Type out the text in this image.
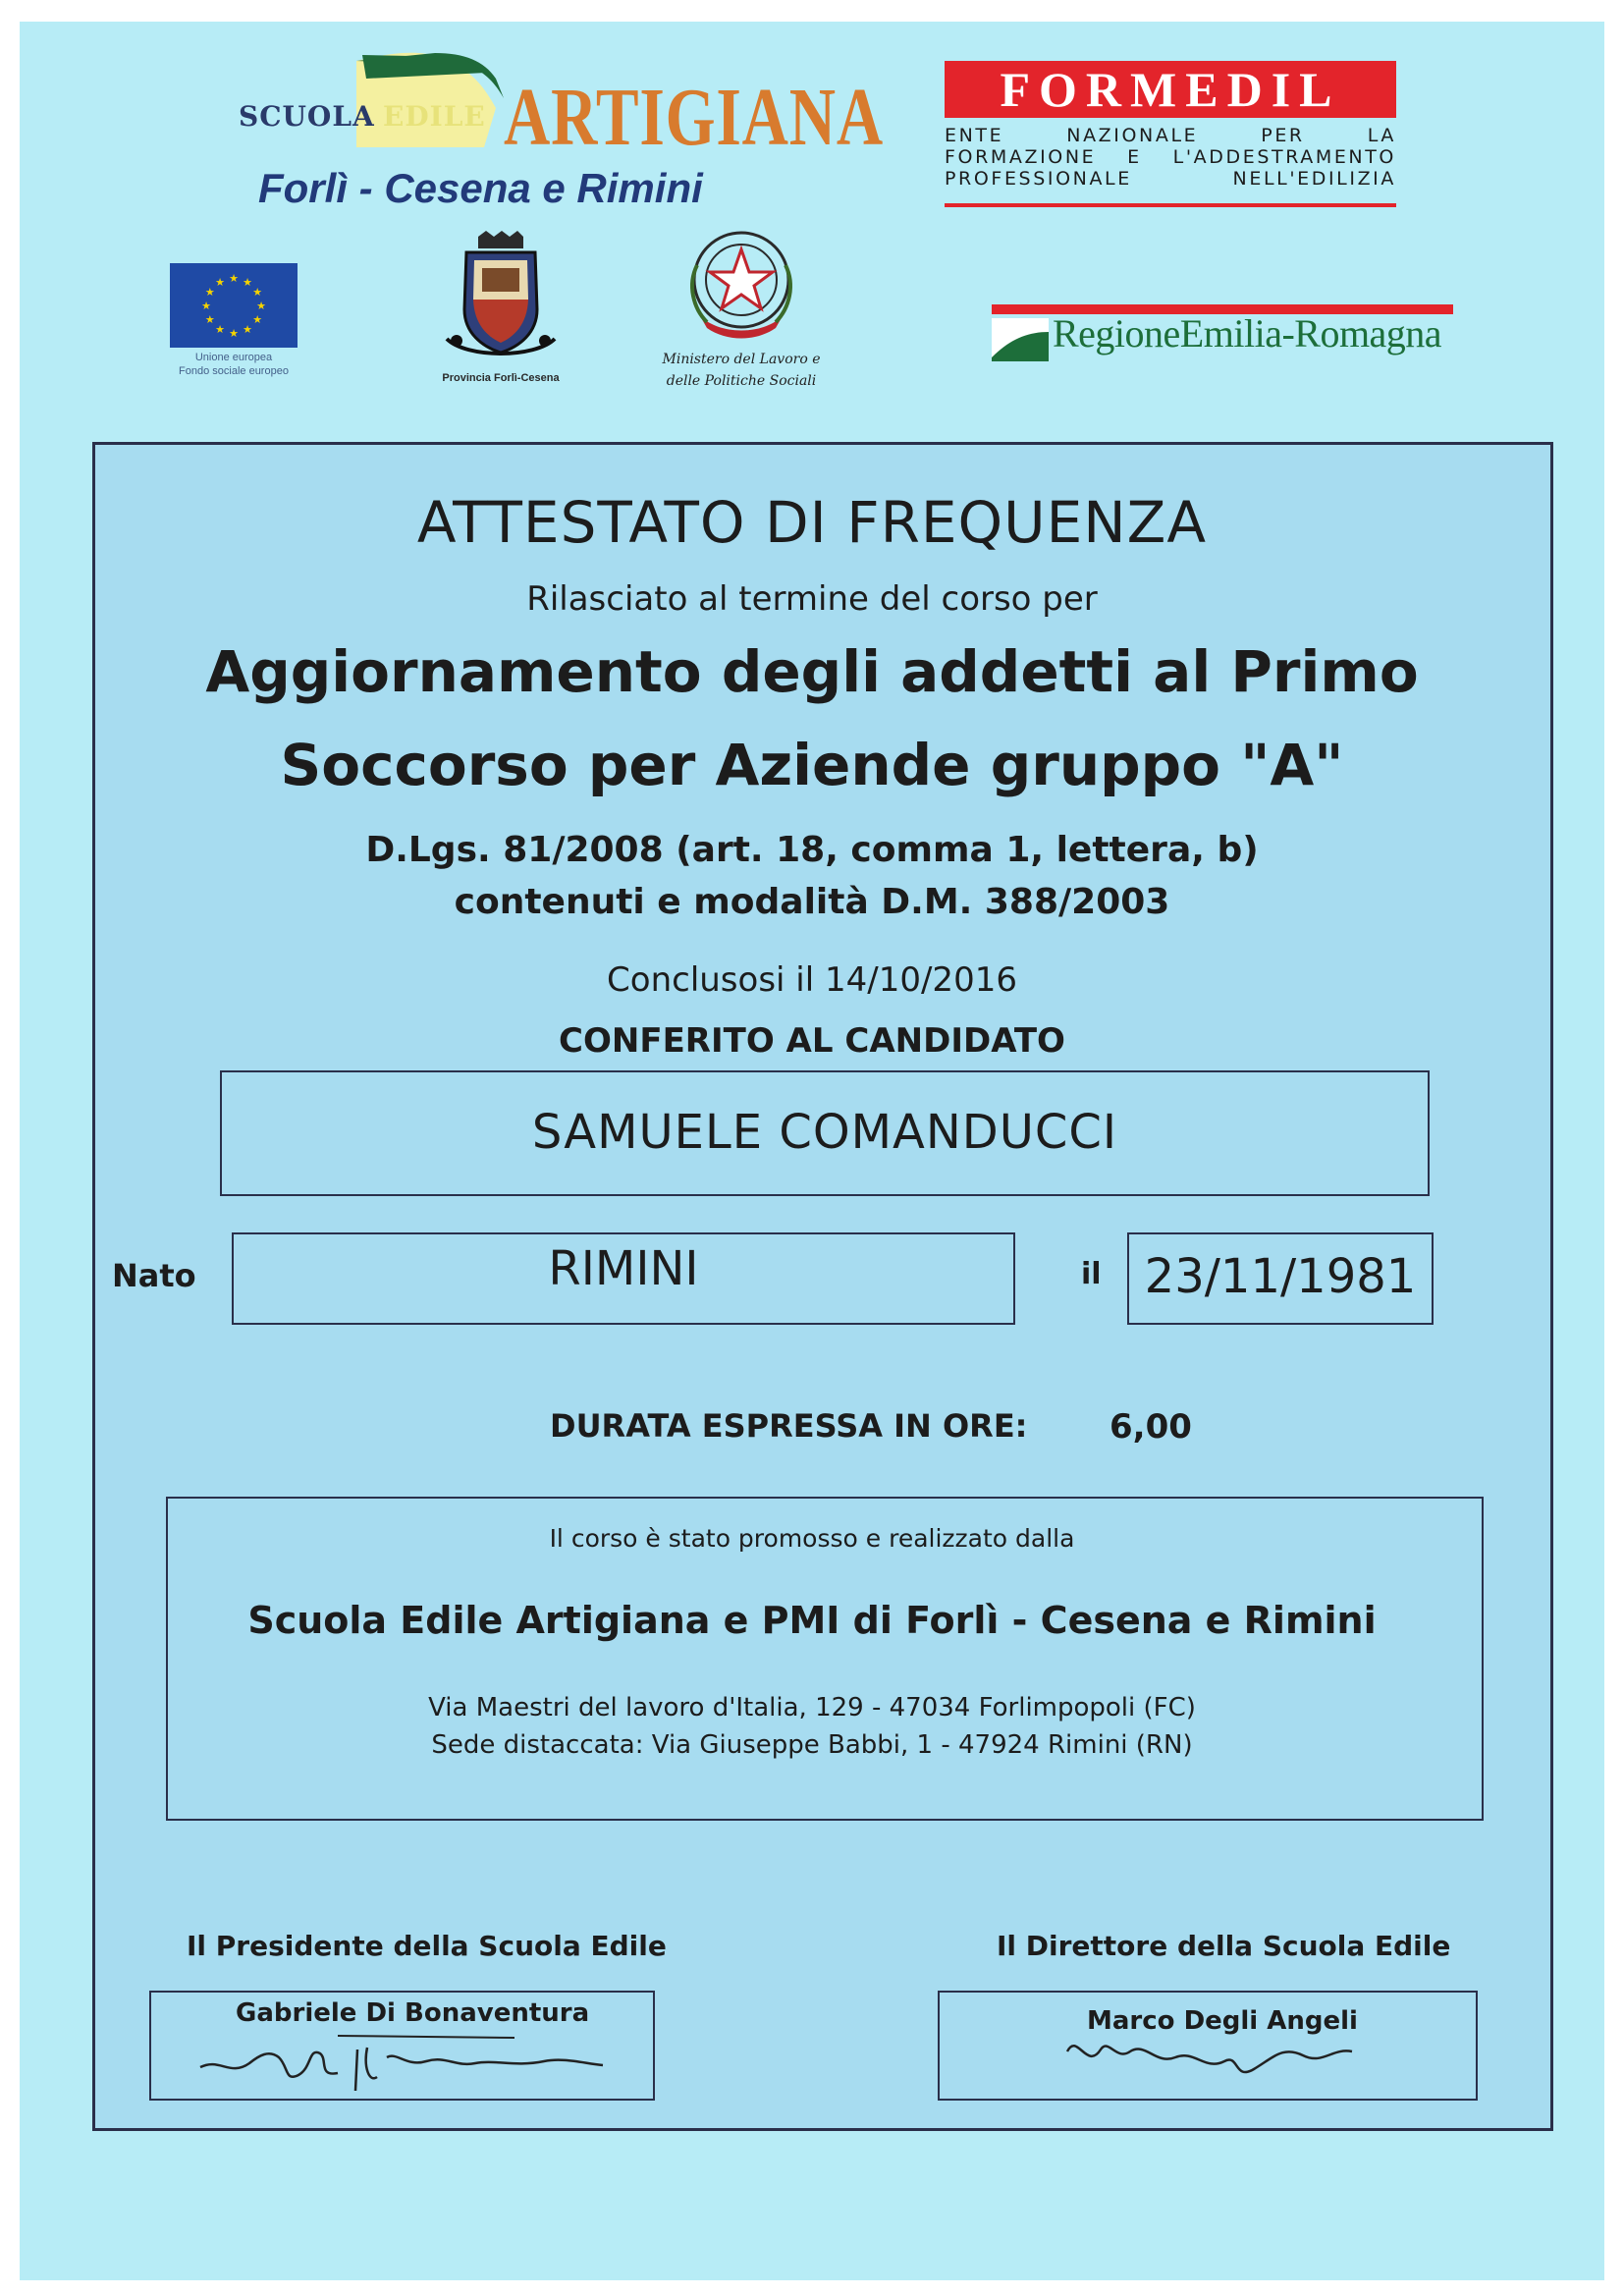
SCUOLA EDILE ARTIGIANA
Forlì - Cesena e Rimini
FORMEDIL
ENTE NAZIONALE PER LA
FORMAZIONE E L'ADDESTRAMENTO
PROFESSIONALE NELL'EDILIZIA
★
★
★
★
★
★
★
★
★ ★ ★
★
Unione europea
Fondo sociale europeo
Provincia Forlì-Cesena
Ministero del Lavoro e
delle Politiche Sociali
RegioneEmilia-Romagna
ATTESTATO DI FREQUENZA
Rilasciato al termine del corso per
Aggiornamento degli addetti al Primo
Soccorso per Aziende gruppo "A"
D.Lgs. 81/2008 (art. 18, comma 1, lettera, b)
contenuti e modalità D.M. 388/2003
Conclusosi il 14/10/2016
CONFERITO AL CANDIDATO
SAMUELE COMANDUCCI
Nato	RIMINI	il 23/11/1981
DURATA ESPRESSA IN ORE: 6,00
Il corso è stato promosso e realizzato dalla
Scuola Edile Artigiana e PMI di Forlì - Cesena e Rimini
Via Maestri del lavoro d'Italia, 129 - 47034 Forlimpopoli (FC)
Sede distaccata: Via Giuseppe Babbi, 1 - 47924 Rimini (RN)
Il Presidente della Scuola Edile	Il Direttore della Scuola Edile
Gabriele Di Bonaventura	Marco Degli Angeli
